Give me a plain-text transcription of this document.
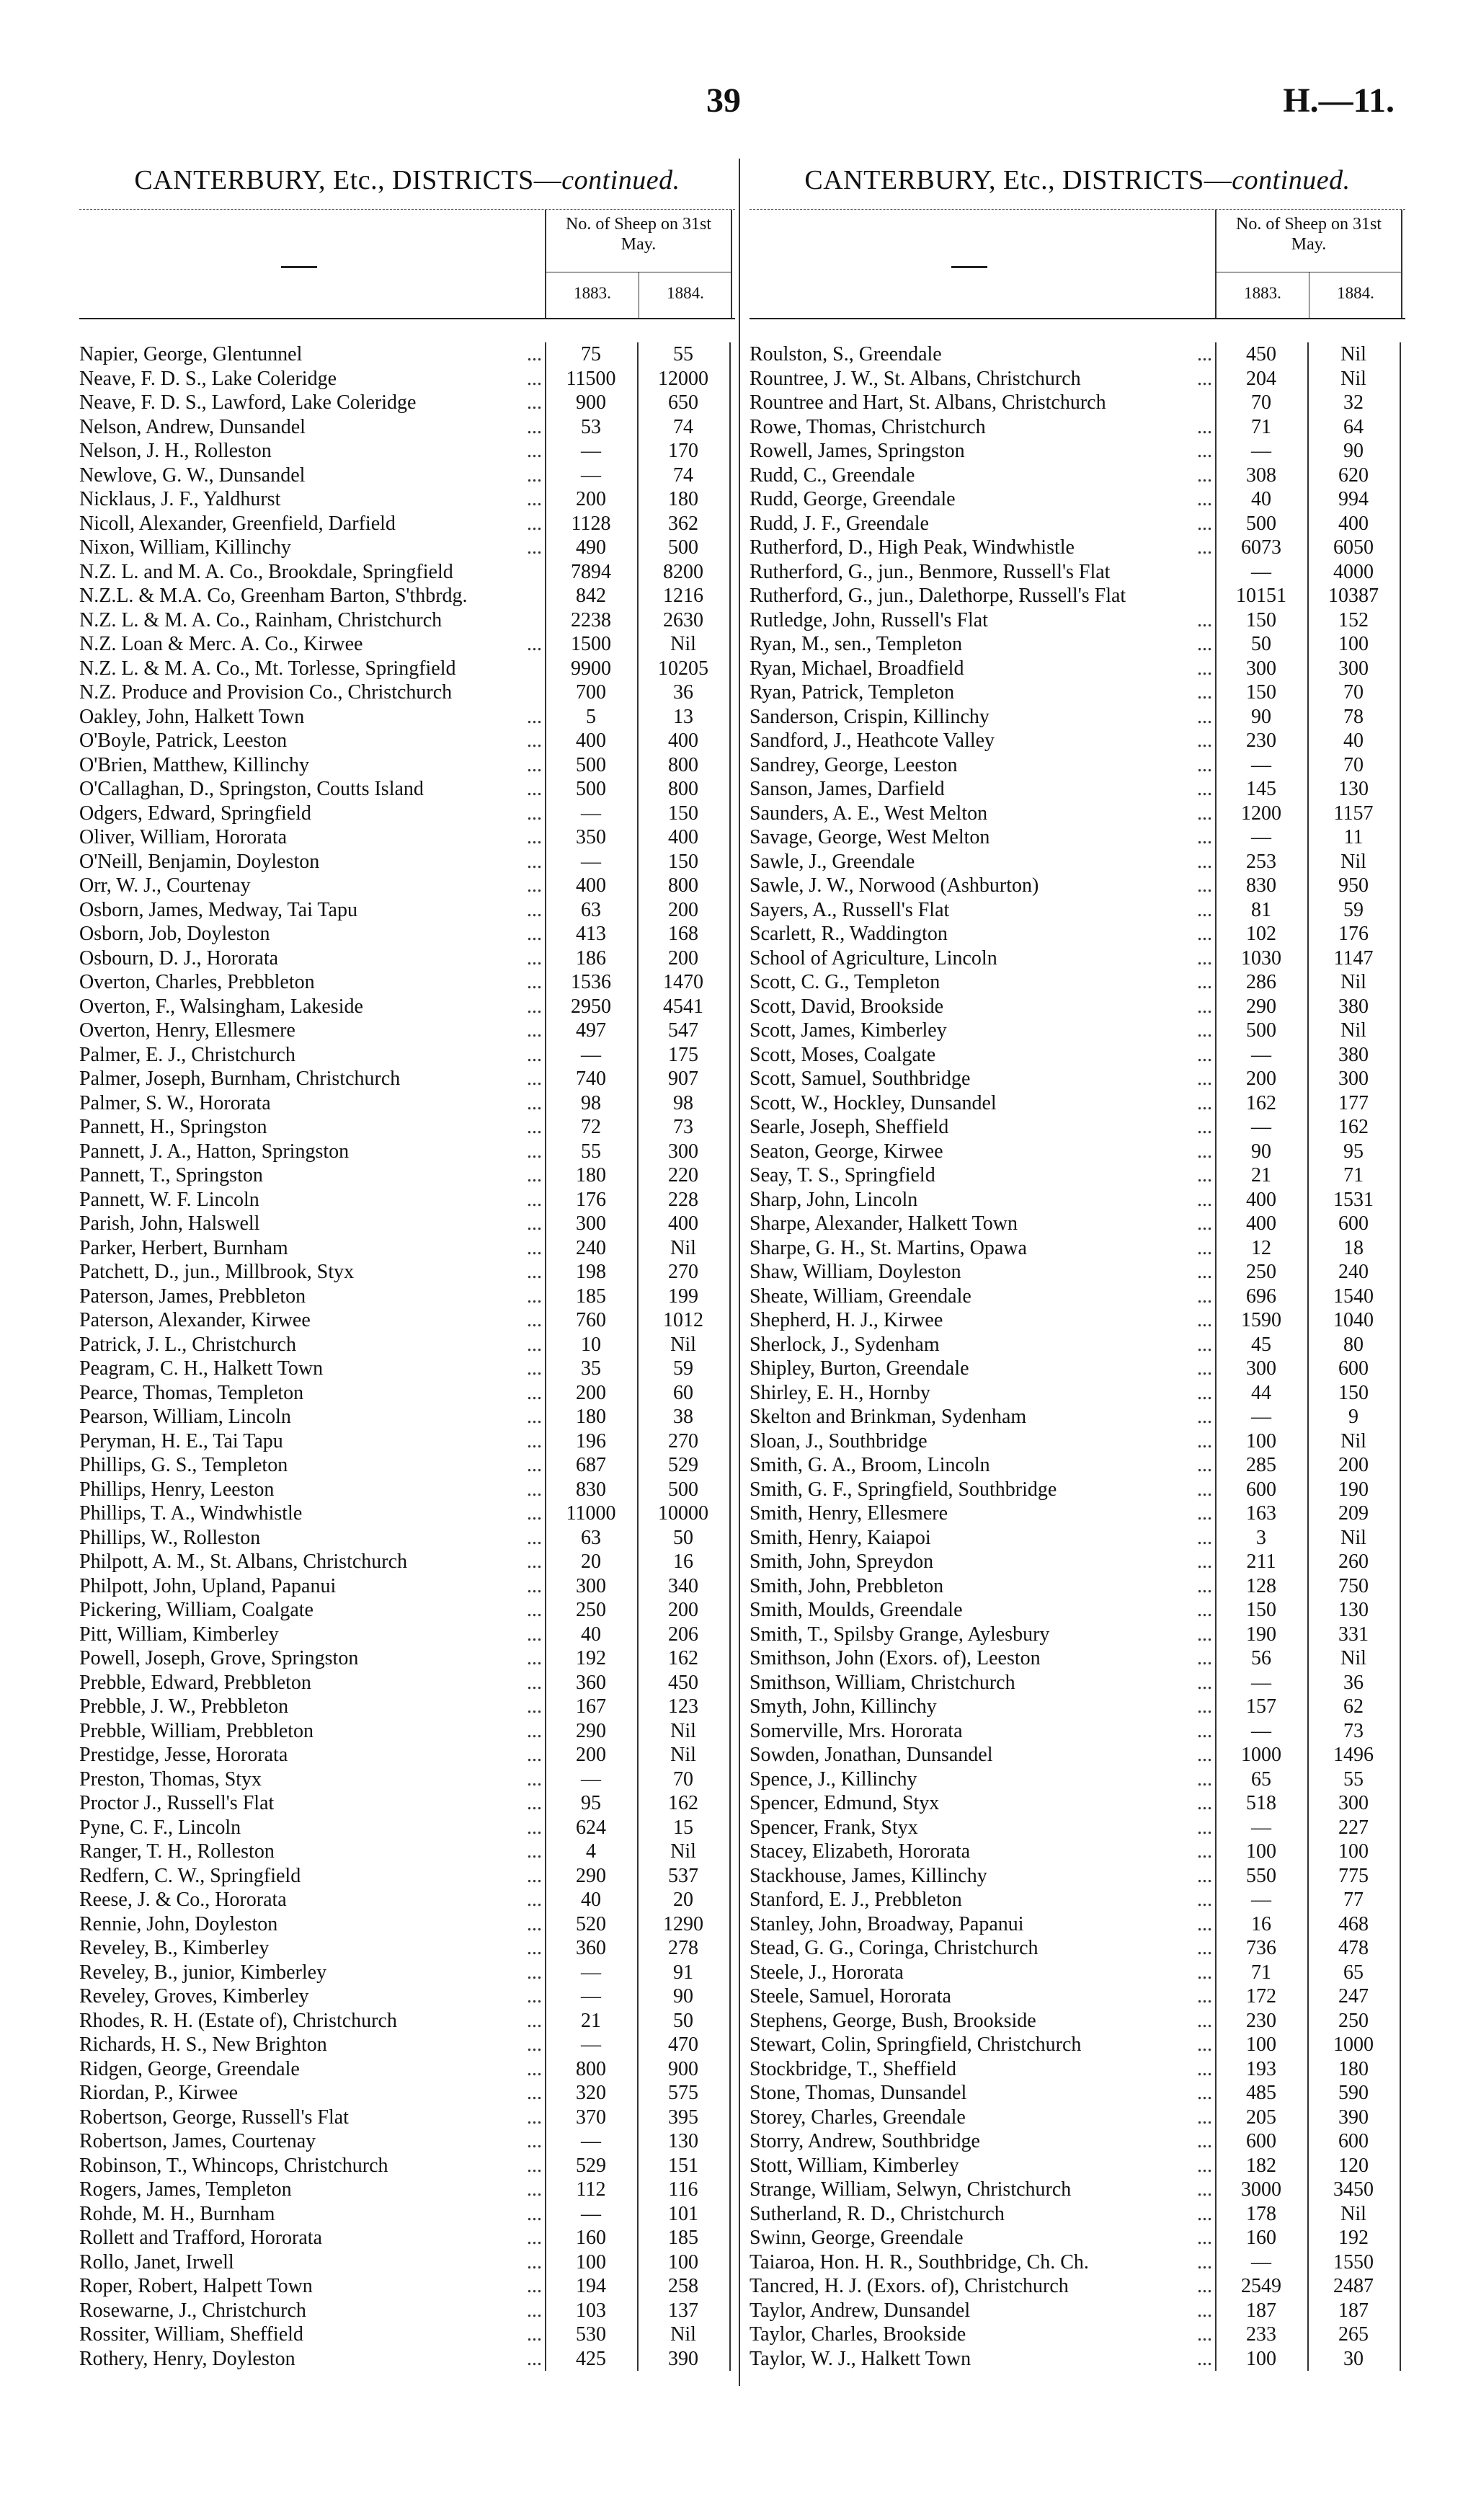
39	H.—11.
CANTERBURY, Etc., DISTRICTS—continued.
No. of Sheep on 31st May.
1883.	1884.
Napier, George, Glentunnel	...	75	55
Neave, F. D. S., Lake Coleridge	...	11500	12000
Neave, F. D. S., Lawford, Lake Coleridge	...	900	650
Nelson, Andrew, Dunsandel	...	53	74
Nelson, J. H., Rolleston	...	—	170
Newlove, G. W., Dunsandel	...	—	74
Nicklaus, J. F., Yaldhurst	...	200	180
Nicoll, Alexander, Greenfield, Darfield	...	1128	362
Nixon, William, Killinchy	...	490	500
N.Z. L. and M. A. Co., Brookdale, Springfield	7894	8200
N.Z.L. & M.A. Co, Greenham Barton, S'thbrdg.	842	1216
N.Z. L. & M. A. Co., Rainham, Christchurch	2238	2630
N.Z. Loan & Merc. A. Co., Kirwee	...	1500	Nil
N.Z. L. & M. A. Co., Mt. Torlesse, Springfield	9900	10205
N.Z. Produce and Provision Co., Christchurch	700	36
Oakley, John, Halkett Town	...	5	13
O'Boyle, Patrick, Leeston	...	400	400
O'Brien, Matthew, Killinchy	...	500	800
O'Callaghan, D., Springston, Coutts Island	...	500	800
Odgers, Edward, Springfield	...	—	150
Oliver, William, Hororata	...	350	400
O'Neill, Benjamin, Doyleston	...	—	150
Orr, W. J., Courtenay	...	400	800
Osborn, James, Medway, Tai Tapu	...	63	200
Osborn, Job, Doyleston	...	413	168
Osbourn, D. J., Hororata	...	186	200
Overton, Charles, Prebbleton	...	1536	1470
Overton, F., Walsingham, Lakeside	...	2950	4541
Overton, Henry, Ellesmere	...	497	547
Palmer, E. J., Christchurch	...	—	175
Palmer, Joseph, Burnham, Christchurch	...	740	907
Palmer, S. W., Hororata	...	98	98
Pannett, H., Springston	...	72	73
Pannett, J. A., Hatton, Springston	...	55	300
Pannett, T., Springston	...	180	220
Pannett, W. F. Lincoln	...	176	228
Parish, John, Halswell	...	300	400
Parker, Herbert, Burnham	...	240	Nil
Patchett, D., jun., Millbrook, Styx	...	198	270
Paterson, James, Prebbleton	...	185	199
Paterson, Alexander, Kirwee	...	760	1012
Patrick, J. L., Christchurch	...	10	Nil
Peagram, C. H., Halkett Town	...	35	59
Pearce, Thomas, Templeton	...	200	60
Pearson, William, Lincoln	...	180	38
Peryman, H. E., Tai Tapu	...	196	270
Phillips, G. S., Templeton	...	687	529
Phillips, Henry, Leeston	...	830	500
Phillips, T. A., Windwhistle	...	11000	10000
Phillips, W., Rolleston	...	63	50
Philpott, A. M., St. Albans, Christchurch	...	20	16
Philpott, John, Upland, Papanui	...	300	340
Pickering, William, Coalgate	...	250	200
Pitt, William, Kimberley	...	40	206
Powell, Joseph, Grove, Springston	...	192	162
Prebble, Edward, Prebbleton	...	360	450
Prebble, J. W., Prebbleton	...	167	123
Prebble, William, Prebbleton	...	290	Nil
Prestidge, Jesse, Hororata	...	200	Nil
Preston, Thomas, Styx	...	—	70
Proctor J., Russell's Flat	...	95	162
Pyne, C. F., Lincoln	...	624	15
Ranger, T. H., Rolleston	...	4	Nil
Redfern, C. W., Springfield	...	290	537
Reese, J. & Co., Hororata	...	40	20
Rennie, John, Doyleston	...	520	1290
Reveley, B., Kimberley	...	360	278
Reveley, B., junior, Kimberley	...	—	91
Reveley, Groves, Kimberley	...	—	90
Rhodes, R. H. (Estate of), Christchurch	...	21	50
Richards, H. S., New Brighton	...	—	470
Ridgen, George, Greendale	...	800	900
Riordan, P., Kirwee	...	320	575
Robertson, George, Russell's Flat	...	370	395
Robertson, James, Courtenay	...	—	130
Robinson, T., Whincops, Christchurch	...	529	151
Rogers, James, Templeton	...	112	116
Rohde, M. H., Burnham	...	—	101
Rollett and Trafford, Hororata	...	160	185
Rollo, Janet, Irwell	...	100	100
Roper, Robert, Halpett Town	...	194	258
Rosewarne, J., Christchurch	...	103	137
Rossiter, William, Sheffield	...	530	Nil
Rothery, Henry, Doyleston	...	425	390
CANTERBURY, Etc., DISTRICTS—continued.
No. of Sheep on 31st May.
1883.	1884.
Roulston, S., Greendale	...	450	Nil
Rountree, J. W., St. Albans, Christchurch	...	204	Nil
Rountree and Hart, St. Albans, Christchurch	70	32
Rowe, Thomas, Christchurch	...	71	64
Rowell, James, Springston	...	—	90
Rudd, C., Greendale	...	308	620
Rudd, George, Greendale	...	40	994
Rudd, J. F., Greendale	...	500	400
Rutherford, D., High Peak, Windwhistle	...	6073	6050
Rutherford, G., jun., Benmore, Russell's Flat	—	4000
Rutherford, G., jun., Dalethorpe, Russell's Flat	10151	10387
Rutledge, John, Russell's Flat	...	150	152
Ryan, M., sen., Templeton	...	50	100
Ryan, Michael, Broadfield	...	300	300
Ryan, Patrick, Templeton	...	150	70
Sanderson, Crispin, Killinchy	...	90	78
Sandford, J., Heathcote Valley	...	230	40
Sandrey, George, Leeston	...	—	70
Sanson, James, Darfield	...	145	130
Saunders, A. E., West Melton	...	1200	1157
Savage, George, West Melton	...	—	11
Sawle, J., Greendale	...	253	Nil
Sawle, J. W., Norwood (Ashburton)	...	830	950
Sayers, A., Russell's Flat	...	81	59
Scarlett, R., Waddington	...	102	176
School of Agriculture, Lincoln	...	1030	1147
Scott, C. G., Templeton	...	286	Nil
Scott, David, Brookside	...	290	380
Scott, James, Kimberley	...	500	Nil
Scott, Moses, Coalgate	...	—	380
Scott, Samuel, Southbridge	...	200	300
Scott, W., Hockley, Dunsandel	...	162	177
Searle, Joseph, Sheffield	...	—	162
Seaton, George, Kirwee	...	90	95
Seay, T. S., Springfield	...	21	71
Sharp, John, Lincoln	...	400	1531
Sharpe, Alexander, Halkett Town	...	400	600
Sharpe, G. H., St. Martins, Opawa	...	12	18
Shaw, William, Doyleston	...	250	240
Sheate, William, Greendale	...	696	1540
Shepherd, H. J., Kirwee	...	1590	1040
Sherlock, J., Sydenham	...	45	80
Shipley, Burton, Greendale	...	300	600
Shirley, E. H., Hornby	...	44	150
Skelton and Brinkman, Sydenham	...	—	9
Sloan, J., Southbridge	...	100	Nil
Smith, G. A., Broom, Lincoln	...	285	200
Smith, G. F., Springfield, Southbridge	...	600	190
Smith, Henry, Ellesmere	...	163	209
Smith, Henry, Kaiapoi	...	3	Nil
Smith, John, Spreydon	...	211	260
Smith, John, Prebbleton	...	128	750
Smith, Moulds, Greendale	...	150	130
Smith, T., Spilsby Grange, Aylesbury	...	190	331
Smithson, John (Exors. of), Leeston	...	56	Nil
Smithson, William, Christchurch	...	—	36
Smyth, John, Killinchy	...	157	62
Somerville, Mrs. Hororata	...	—	73
Sowden, Jonathan, Dunsandel	...	1000	1496
Spence, J., Killinchy	...	65	55
Spencer, Edmund, Styx	...	518	300
Spencer, Frank, Styx	...	—	227
Stacey, Elizabeth, Hororata	...	100	100
Stackhouse, James, Killinchy	...	550	775
Stanford, E. J., Prebbleton	...	—	77
Stanley, John, Broadway, Papanui	...	16	468
Stead, G. G., Coringa, Christchurch	...	736	478
Steele, J., Hororata	...	71	65
Steele, Samuel, Hororata	...	172	247
Stephens, George, Bush, Brookside	...	230	250
Stewart, Colin, Springfield, Christchurch	...	100	1000
Stockbridge, T., Sheffield	...	193	180
Stone, Thomas, Dunsandel	...	485	590
Storey, Charles, Greendale	...	205	390
Storry, Andrew, Southbridge	...	600	600
Stott, William, Kimberley	...	182	120
Strange, William, Selwyn, Christchurch	...	3000	3450
Sutherland, R. D., Christchurch	...	178	Nil
Swinn, George, Greendale	...	160	192
Taiaroa, Hon. H. R., Southbridge, Ch. Ch.	...	—	1550
Tancred, H. J. (Exors. of), Christchurch	...	2549	2487
Taylor, Andrew, Dunsandel	...	187	187
Taylor, Charles, Brookside	...	233	265
Taylor, W. J., Halkett Town	...	100	30
